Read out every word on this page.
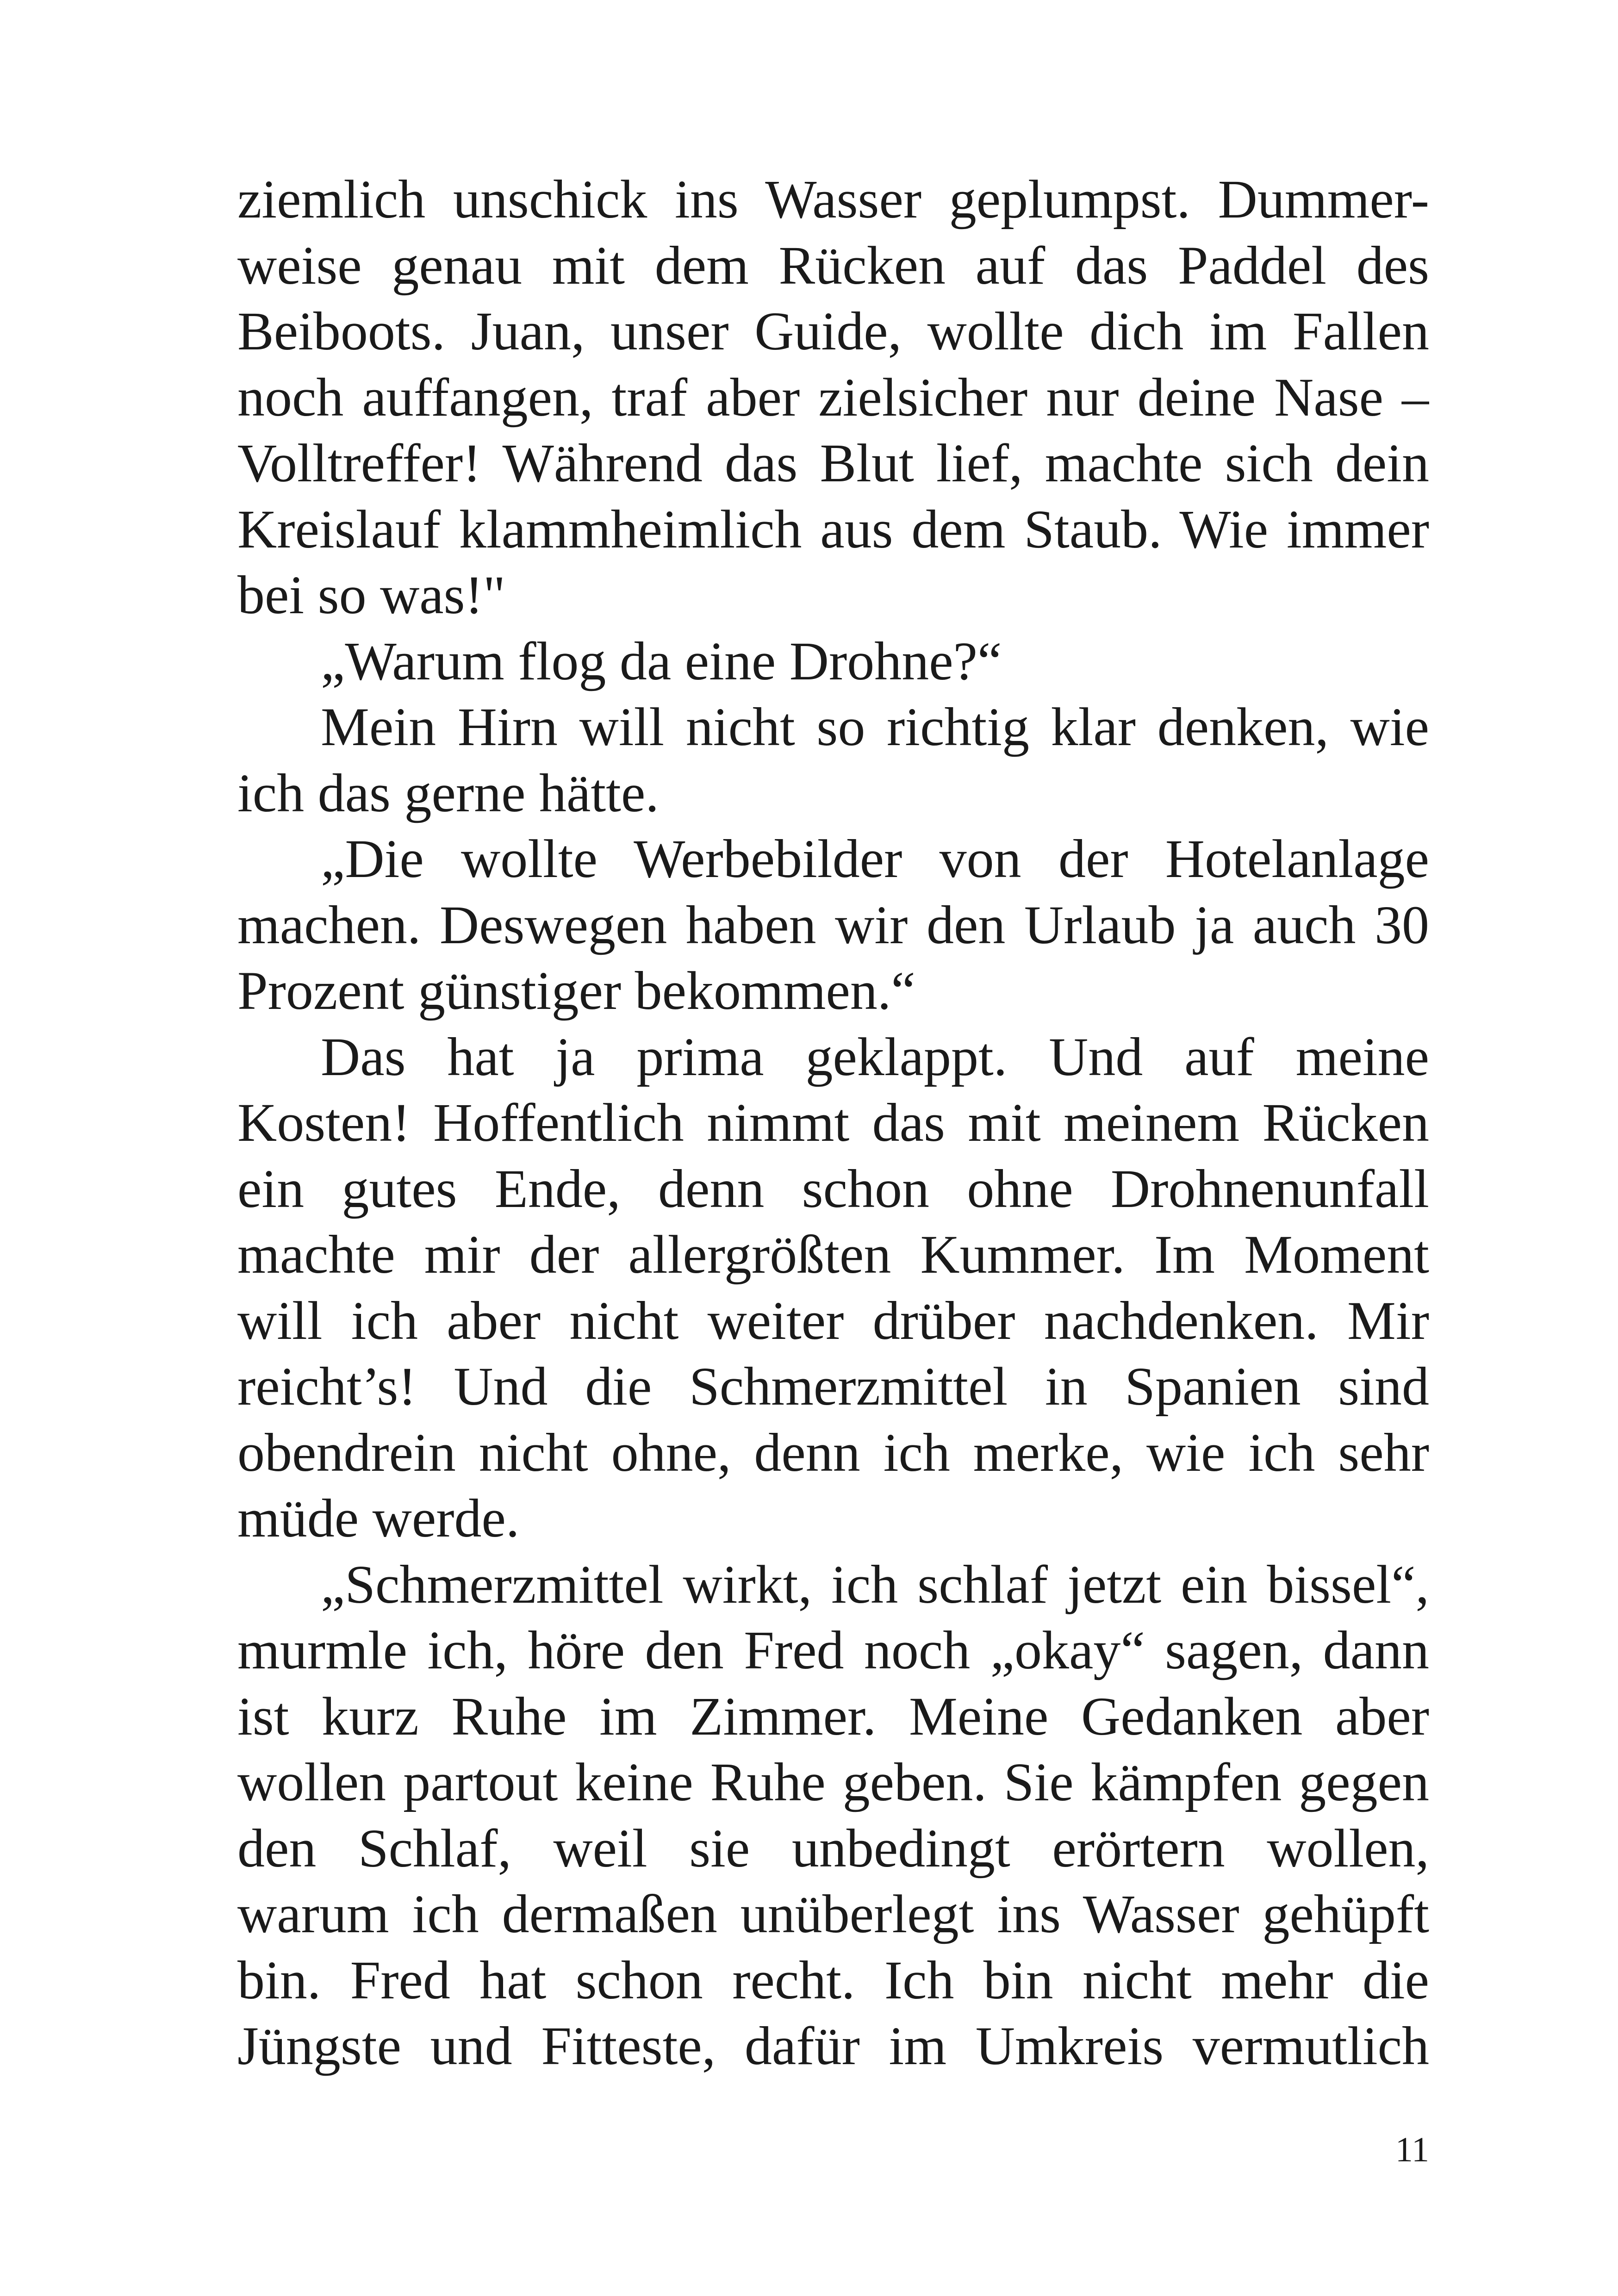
ziemlich unschick ins Wasser geplumpst. Dummer-

weise genau mit dem Rücken auf das Paddel des

Beiboots. Juan, unser Guide, wollte dich im Fallen

noch auffangen, traf aber zielsicher nur deine Nase –

Volltreffer! Während das Blut lief, machte sich dein

Kreislauf klammheimlich aus dem Staub. Wie immer

bei so was!"

„Warum flog da eine Drohne?“

Mein Hirn will nicht so richtig klar denken, wie

ich das gerne hätte.

„Die wollte Werbebilder von der Hotelanlage

machen. Deswegen haben wir den Urlaub ja auch 30

Prozent günstiger bekommen.“

Das hat ja prima geklappt. Und auf meine

Kosten! Hoffentlich nimmt das mit meinem Rücken

ein gutes Ende, denn schon ohne Drohnenunfall

machte mir der allergrößten Kummer. Im Moment

will ich aber nicht weiter drüber nachdenken. Mir

reicht’s! Und die Schmerzmittel in Spanien sind

obendrein nicht ohne, denn ich merke, wie ich sehr

müde werde.

„Schmerzmittel wirkt, ich schlaf jetzt ein bissel“,

murmle ich, höre den Fred noch „okay“ sagen, dann

ist kurz Ruhe im Zimmer. Meine Gedanken aber

wollen partout keine Ruhe geben. Sie kämpfen gegen

den Schlaf, weil sie unbedingt erörtern wollen,

warum ich dermaßen unüberlegt ins Wasser gehüpft

bin. Fred hat schon recht. Ich bin nicht mehr die

Jüngste und Fitteste, dafür im Umkreis vermutlich

11
